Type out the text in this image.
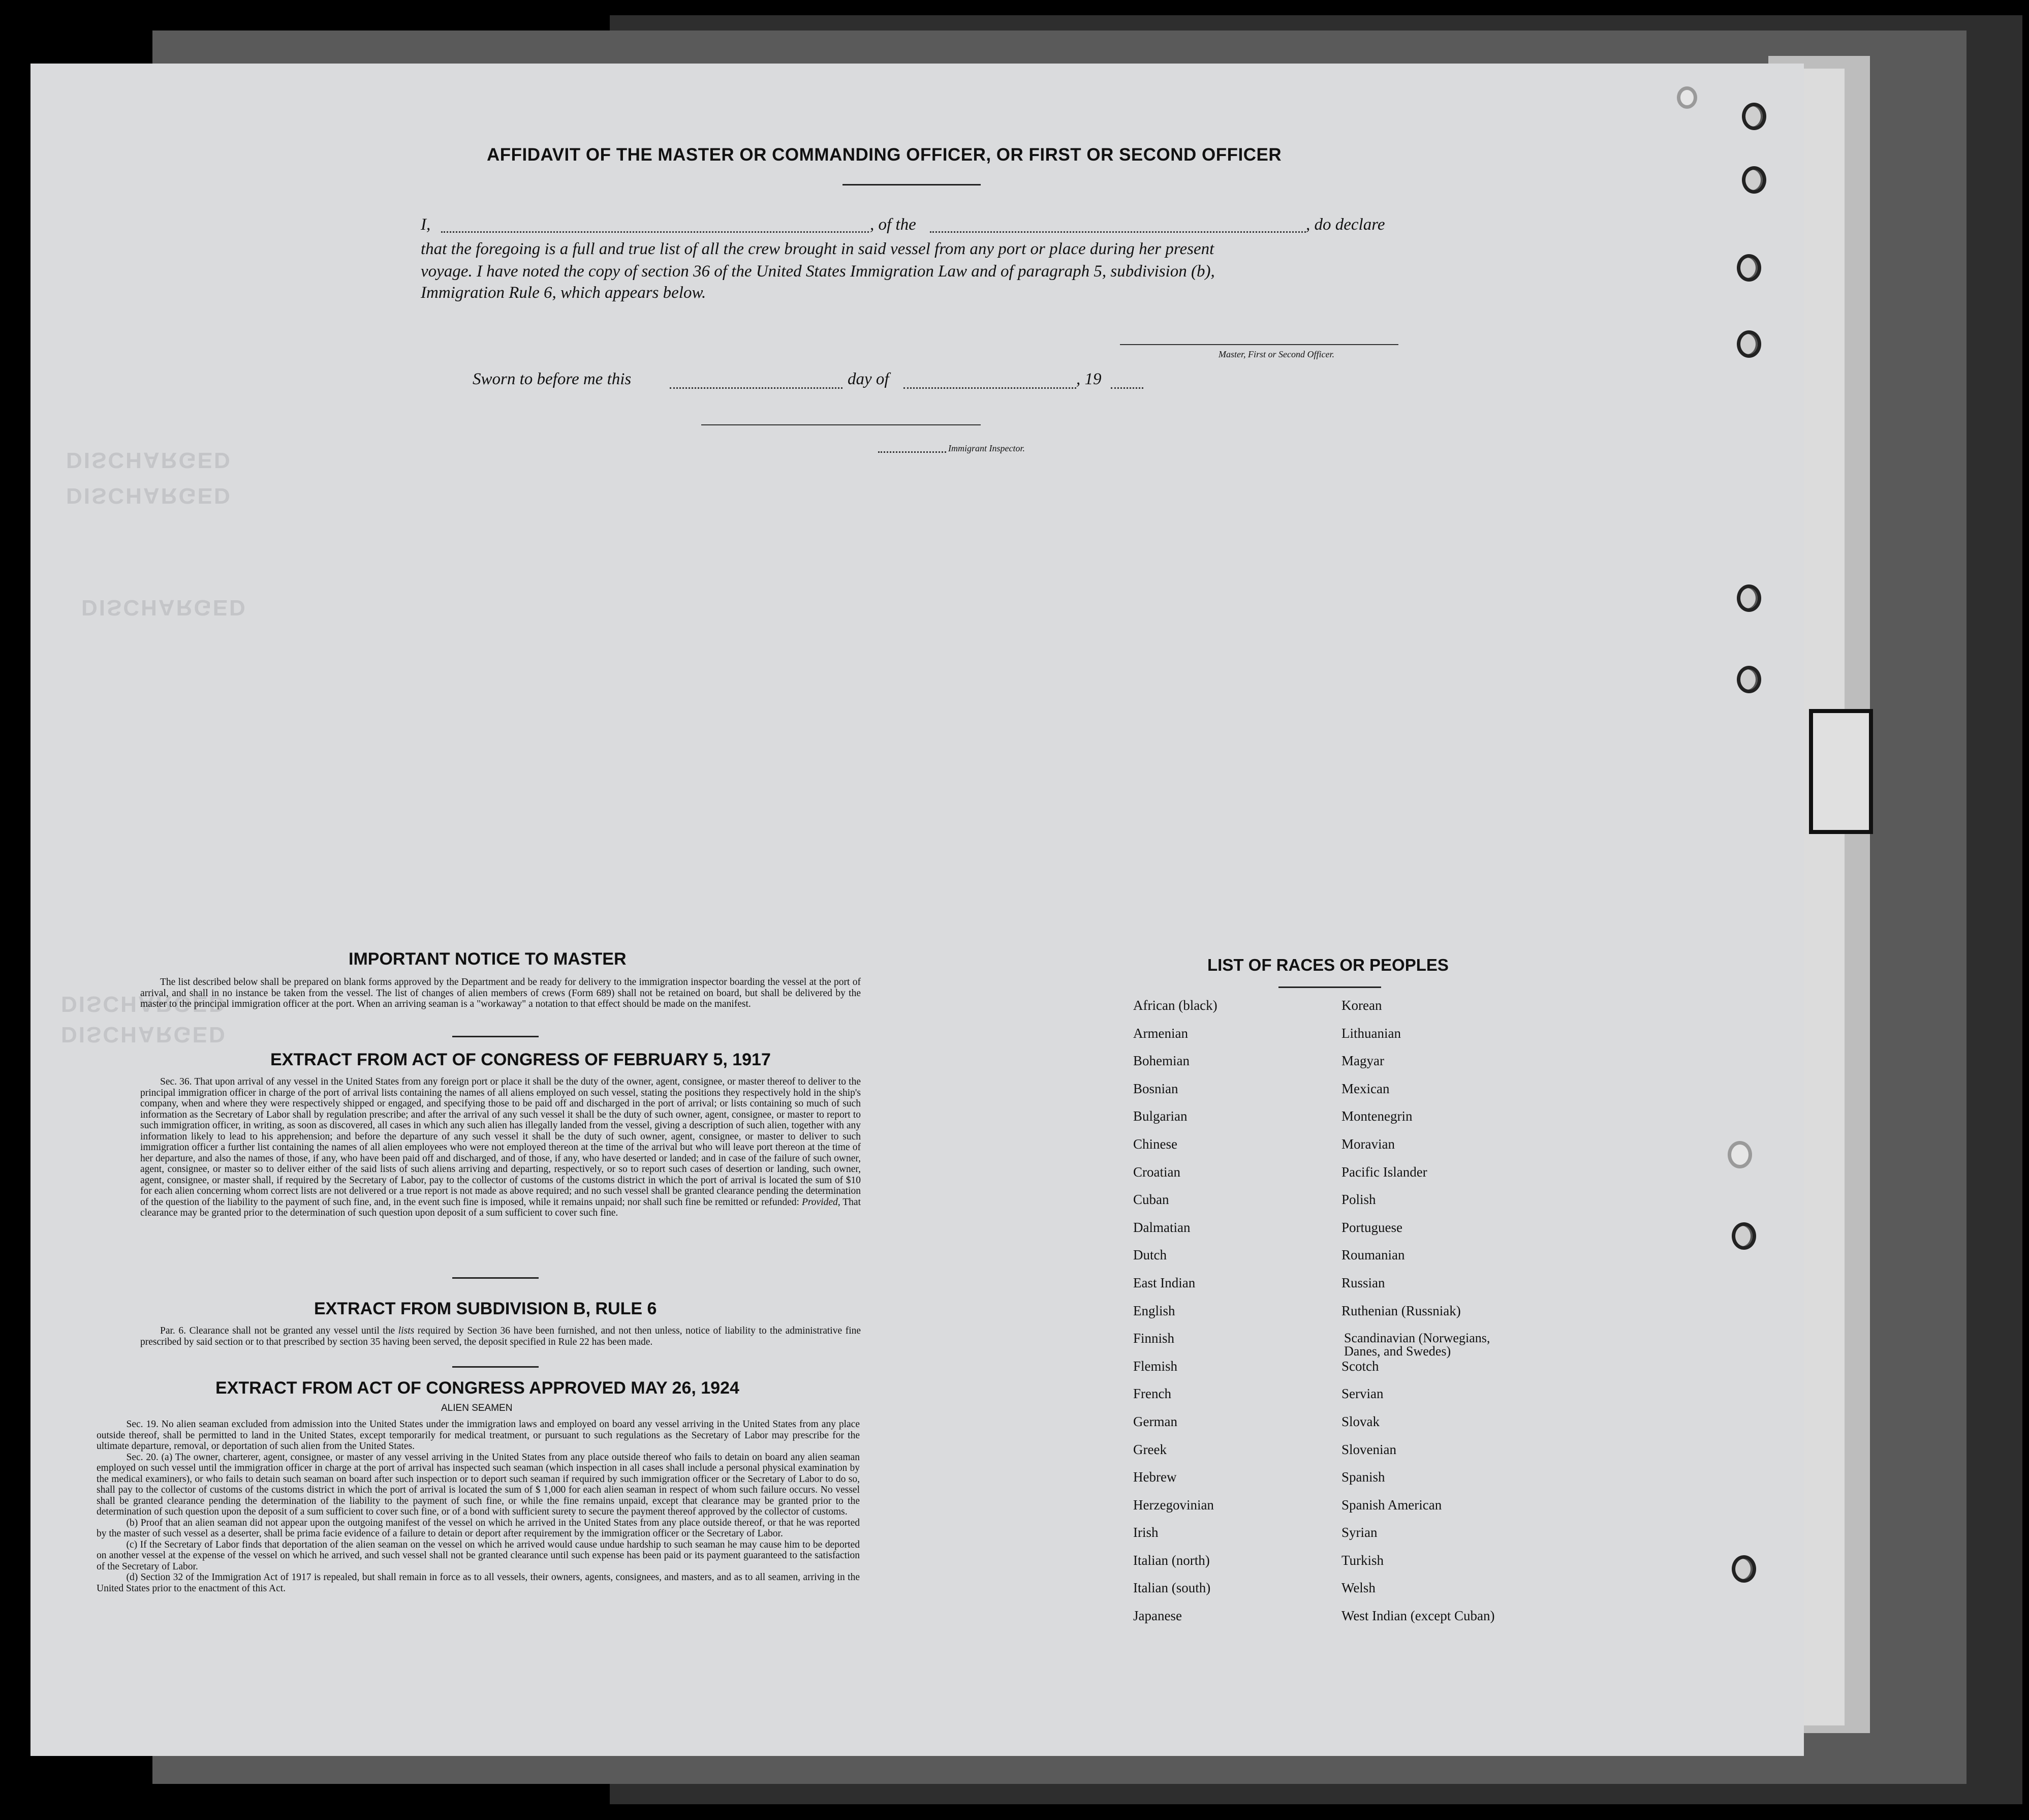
DISCHARGED
DISCHARGED
DISCHARGED
DISCHARGED
DISCHARGED
AFFIDAVIT OF THE MASTER OR COMMANDING OFFICER, OR FIRST OR SECOND OFFICER
I,	, of the	, do declare
that the foregoing is a full and true list of all the crew brought in said vessel from any port or place during her present
voyage. I have noted the copy of section 36 of the United States Immigration Law and of paragraph 5, subdivision (b),
Immigration Rule 6, which appears below.
Master, First or Second Officer.
Sworn to before me this	day of	, 19
Immigrant Inspector.
IMPORTANT NOTICE TO MASTER
The list described below shall be prepared on blank forms approved by the Department and be ready for delivery to the immigration inspector boarding the vessel at the port of arrival, and shall in no instance be taken from the vessel. The list of changes of alien members of crews (Form 689) shall not be retained on board, but shall be delivered by the master to the principal immigration officer at the port. When an arriving seaman is a "workaway" a notation to that effect should be made on the manifest.
EXTRACT FROM ACT OF CONGRESS OF FEBRUARY 5, 1917
Sec. 36. That upon arrival of any vessel in the United States from any foreign port or place it shall be the duty of the owner, agent, consignee, or master thereof to deliver to the principal immigration officer in charge of the port of arrival lists containing the names of all aliens employed on such vessel, stating the positions they respectively hold in the ship's company, when and where they were respectively shipped or engaged, and specifying those to be paid off and discharged in the port of arrival; or lists containing so much of such information as the Secretary of Labor shall by regulation prescribe; and after the arrival of any such vessel it shall be the duty of such owner, agent, consignee, or master to report to such immigration officer, in writing, as soon as discovered, all cases in which any such alien has illegally landed from the vessel, giving a description of such alien, together with any information likely to lead to his apprehension; and before the departure of any such vessel it shall be the duty of such owner, agent, consignee, or master to deliver to such immigration officer a further list containing the names of all alien employees who were not employed thereon at the time of the arrival but who will leave port thereon at the time of her departure, and also the names of those, if any, who have been paid off and discharged, and of those, if any, who have deserted or landed; and in case of the failure of such owner, agent, consignee, or master so to deliver either of the said lists of such aliens arriving and departing, respectively, or so to report such cases of desertion or landing, such owner, agent, consignee, or master shall, if required by the Secretary of Labor, pay to the collector of customs of the customs district in which the port of arrival is located the sum of $10 for each alien concerning whom correct lists are not delivered or a true report is not made as above required; and no such vessel shall be granted clearance pending the determination of the question of the liability to the payment of such fine, and, in the event such fine is imposed, while it remains unpaid; nor shall such fine be remitted or refunded: Provided, That clearance may be granted prior to the determination of such question upon deposit of a sum sufficient to cover such fine.
EXTRACT FROM SUBDIVISION B, RULE 6
Par. 6. Clearance shall not be granted any vessel until the lists required by Section 36 have been furnished, and not then unless, notice of liability to the administrative fine prescribed by said section or to that prescribed by section 35 having been served, the deposit specified in Rule 22 has been made.
EXTRACT FROM ACT OF CONGRESS APPROVED MAY 26, 1924
ALIEN SEAMEN

Sec. 19. No alien seaman excluded from admission into the United States under the immigration laws and employed on board any vessel arriving in the United States from any place outside thereof, shall be permitted to land in the United States, except temporarily for medical treatment, or pursuant to such regulations as the Secretary of Labor may prescribe for the ultimate departure, removal, or deportation of such alien from the United States.

Sec. 20. (a) The owner, charterer, agent, consignee, or master of any vessel arriving in the United States from any place outside thereof who fails to detain on board any alien seaman employed on such vessel until the immigration officer in charge at the port of arrival has inspected such seaman (which inspection in all cases shall include a personal physical examination by the medical examiners), or who fails to detain such seaman on board after such inspection or to deport such seaman if required by such immigration officer or the Secretary of Labor to do so, shall pay to the collector of customs of the customs district in which the port of arrival is located the sum of $ 1,000 for each alien seaman in respect of whom such failure occurs. No vessel shall be granted clearance pending the determination of the liability to the payment of such fine, or while the fine remains unpaid, except that clearance may be granted prior to the determination of such question upon the deposit of a sum sufficient to cover such fine, or of a bond with sufficient surety to secure the payment thereof approved by the collector of customs.

(b) Proof that an alien seaman did not appear upon the outgoing manifest of the vessel on which he arrived in the United States from any place outside thereof, or that he was reported by the master of such vessel as a deserter, shall be prima facie evidence of a failure to detain or deport after requirement by the immigration officer or the Secretary of Labor.

(c) If the Secretary of Labor finds that deportation of the alien seaman on the vessel on which he arrived would cause undue hardship to such seaman he may cause him to be deported on another vessel at the expense of the vessel on which he arrived, and such vessel shall not be granted clearance until such expense has been paid or its payment guaranteed to the satisfaction of the Secretary of Labor.

(d) Section 32 of the Immigration Act of 1917 is repealed, but shall remain in force as to all vessels, their owners, agents, consignees, and masters, and as to all seamen, arriving in the United States prior to the enactment of this Act.

LIST OF RACES OR PEOPLES
African (black)	Korean
Armenian	Lithuanian
Bohemian	Magyar
Bosnian	Mexican
Bulgarian	Montenegrin
Chinese	Moravian
Croatian	Pacific Islander
Cuban	Polish
Dalmatian	Portuguese
Dutch	Roumanian
East Indian	Russian
English	Ruthenian (Russniak)
Finnish	Scandinavian (Norwegians, Danes, and Swedes)
Flemish	Scotch
French	Servian
German	Slovak
Greek	Slovenian
Hebrew	Spanish
Herzegovinian	Spanish American
Irish	Syrian
Italian (north)	Turkish
Italian (south)	Welsh
Japanese	West Indian (except Cuban)
